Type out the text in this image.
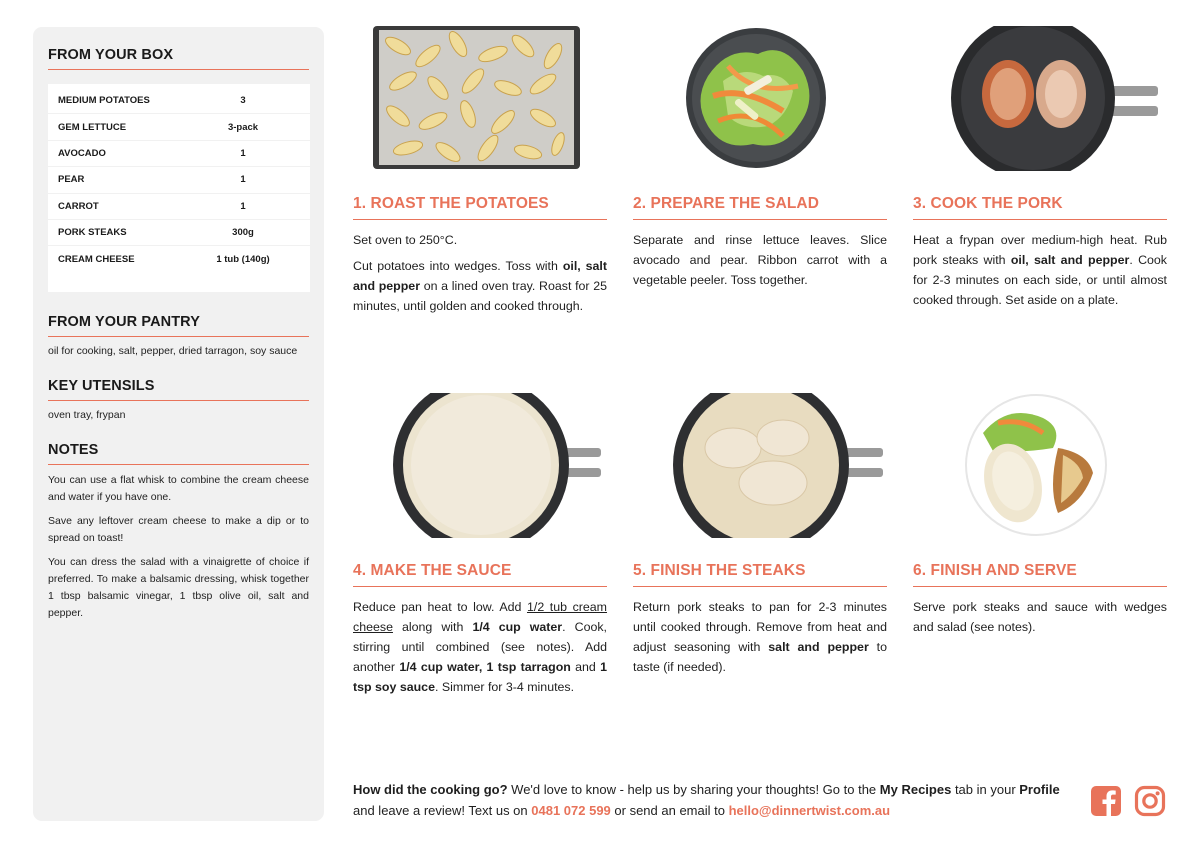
FROM YOUR BOX
MEDIUM POTATOES	3
GEM LETTUCE	3-pack
AVOCADO	1
PEAR	1
CARROT	1
PORK STEAKS	300g
CREAM CHEESE	1 tub (140g)
FROM YOUR PANTRY

oil for cooking, salt, pepper, dried tarragon, soy sauce

KEY UTENSILS

oven tray, frypan

NOTES

You can use a flat whisk to combine the cream cheese and water if you have one.

Save any leftover cream cheese to make a dip or to spread on toast!

You can dress the salad with a vinaigrette of choice if preferred. To make a balsamic dressing, whisk together 1 tbsp balsamic vinegar, 1 tbsp olive oil, salt and pepper.

1. ROAST THE POTATOES

Set oven to 250°C.

Cut potatoes into wedges. Toss with oil, salt and pepper on a lined oven tray. Roast for 25 minutes, until golden and cooked through.

2. PREPARE THE SALAD

Separate and rinse lettuce leaves. Slice avocado and pear. Ribbon carrot with a vegetable peeler. Toss together.

3. COOK THE PORK

Heat a frypan over medium-high heat. Rub pork steaks with oil, salt and pepper. Cook for 2-3 minutes on each side, or until almost cooked through. Set aside on a plate.

4. MAKE THE SAUCE

Reduce pan heat to low. Add 1/2 tub cream cheese along with 1/4 cup water. Cook, stirring until combined (see notes). Add another 1/4 cup water, 1 tsp tarragon and 1 tsp soy sauce. Simmer for 3-4 minutes.

5. FINISH THE STEAKS

Return pork steaks to pan for 2-3 minutes until cooked through. Remove from heat and adjust seasoning with salt and pepper to taste (if needed).

6. FINISH AND SERVE

Serve pork steaks and sauce with wedges and salad (see notes).

How did the cooking go? We'd love to know - help us by sharing your thoughts! Go to the My Recipes tab in your Profile and leave a review! Text us on 0481 072 599 or send an email to hello@dinnertwist.com.au
